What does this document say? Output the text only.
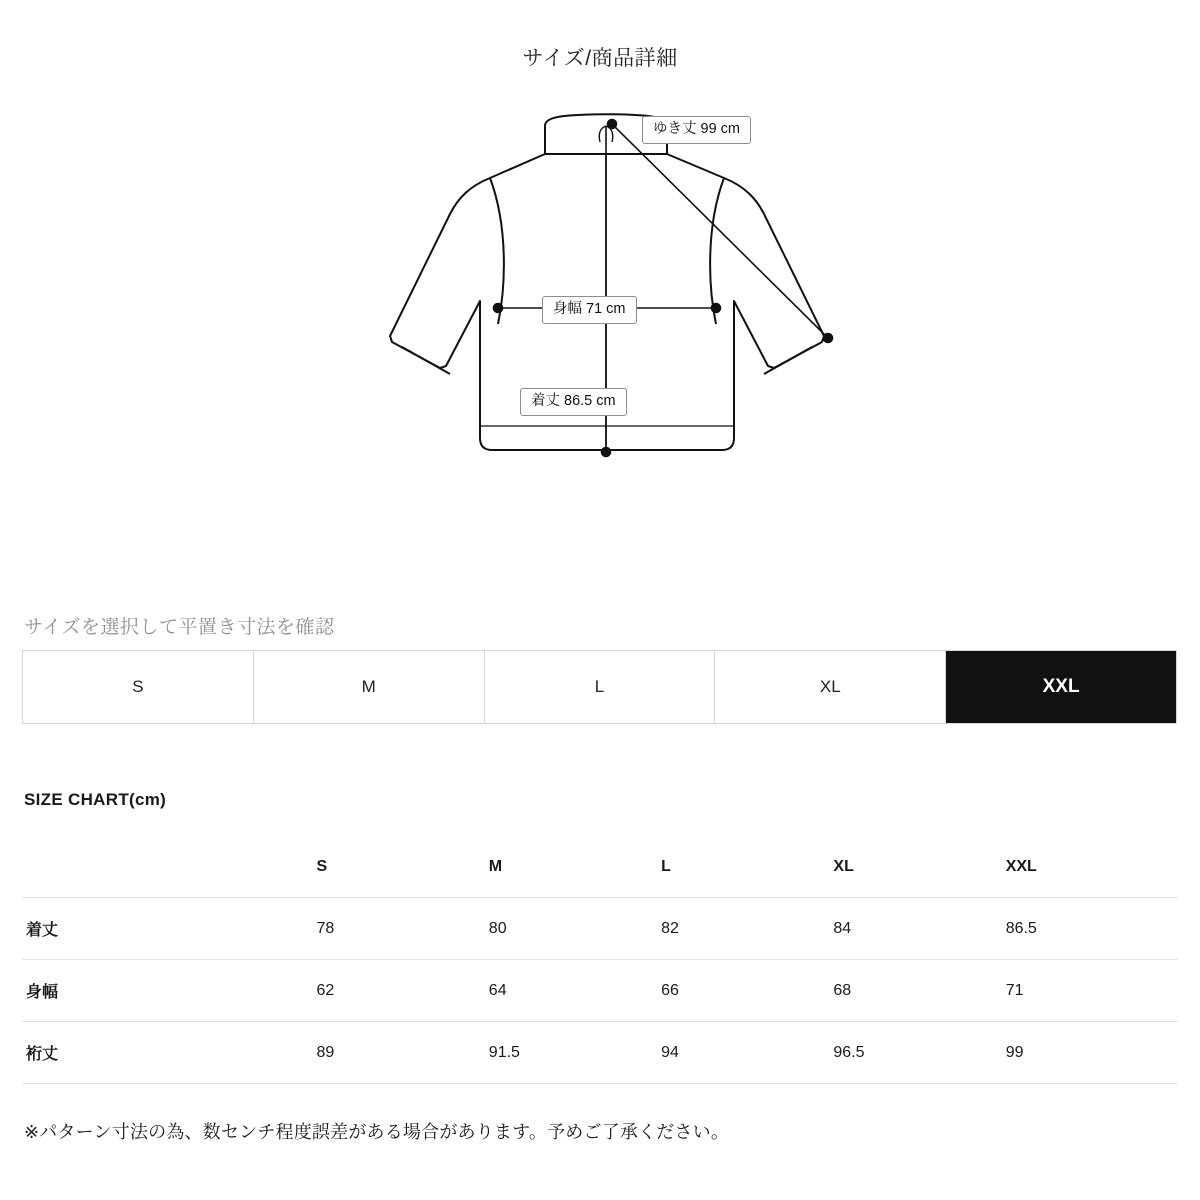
サイズ/商品詳細
ゆき丈 99 cm
身幅 71 cm
着丈 86.5 cm
サイズを選択して平置き寸法を確認
S	M	L	XL	XXL
SIZE CHART(cm)
	S	M	L	XL	XXL
着丈	78	80	82	84	86.5
身幅	62	64	66	68	71
裄丈	89	91.5	94	96.5	99
※パターン寸法の為、数センチ程度誤差がある場合があります。予めご了承ください。
